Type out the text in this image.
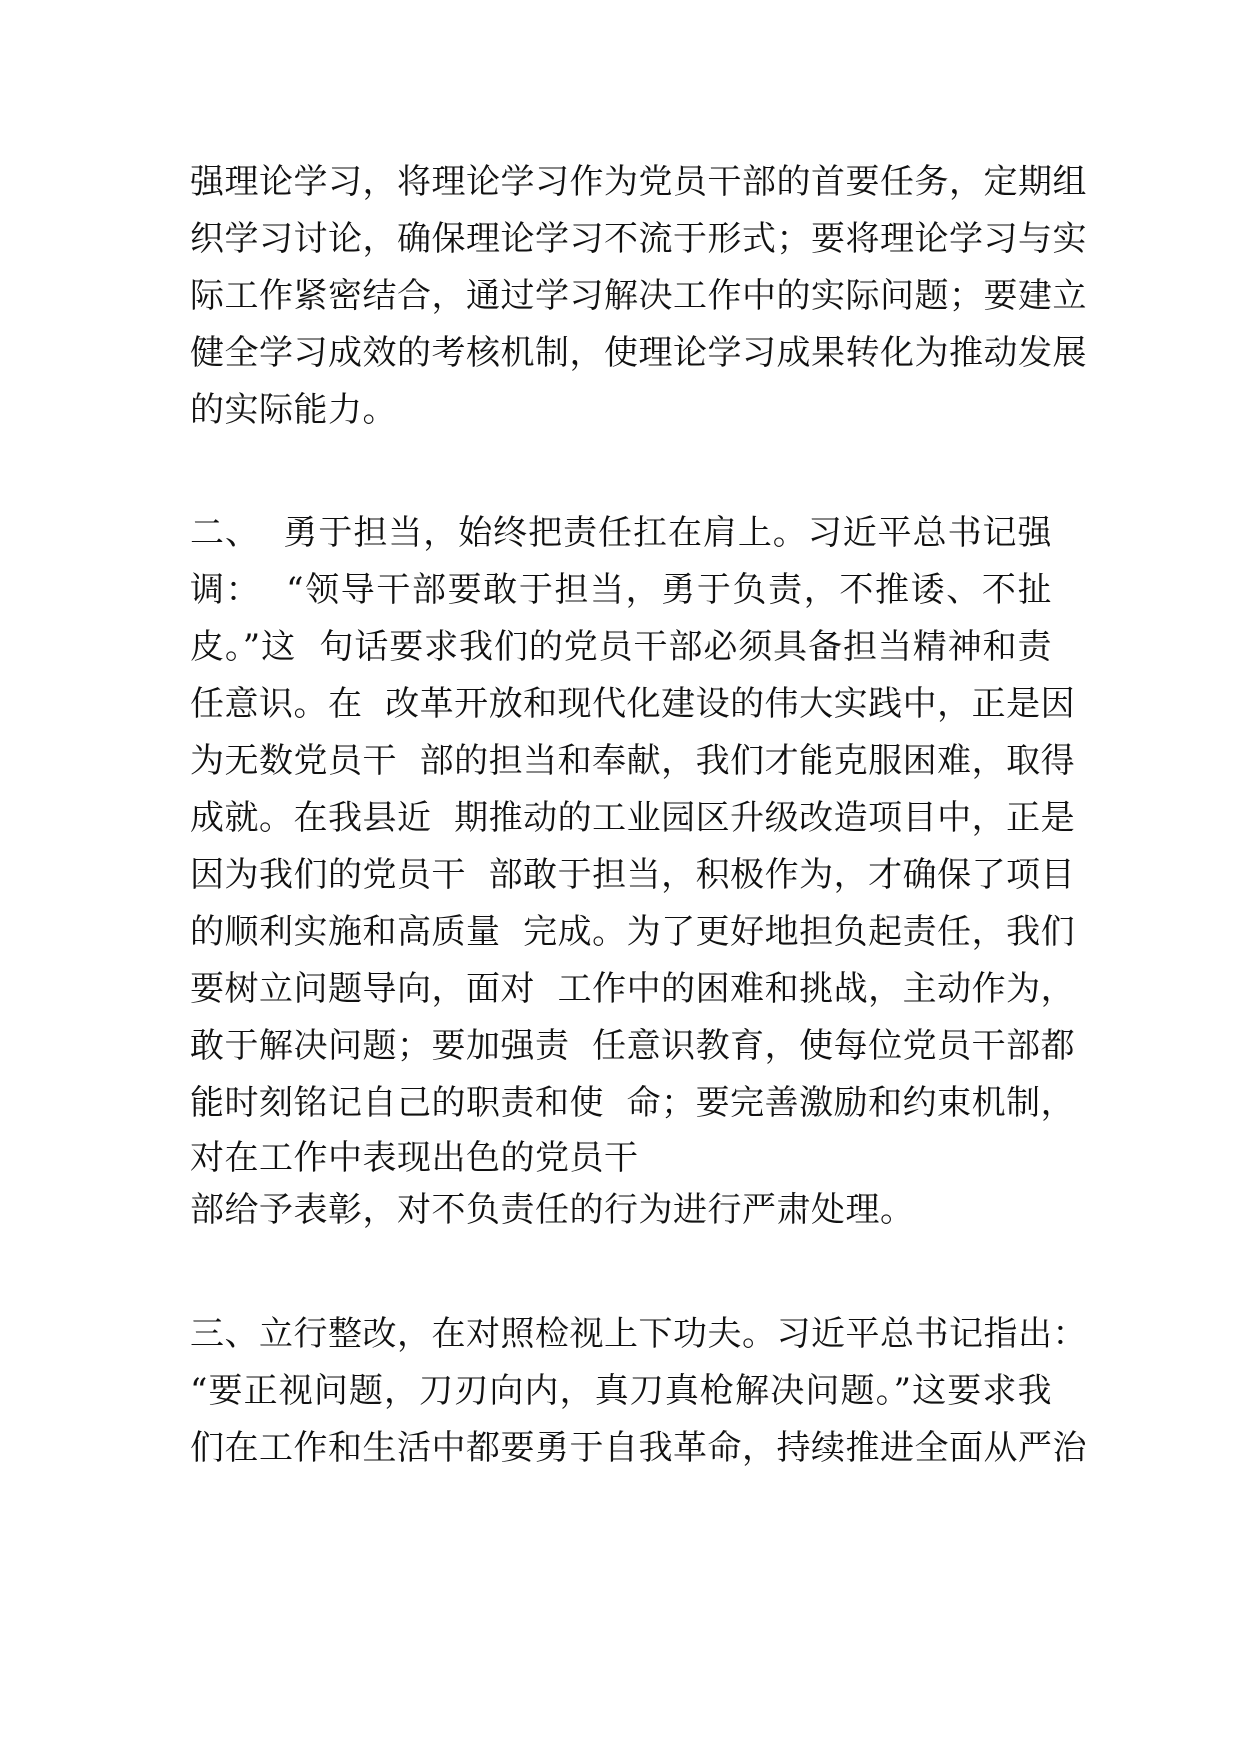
强理论学习，将理论学习作为党员干部的首要任务，定期组
织学习讨论，确保理论学习不流于形式；要将理论学习与实
际工作紧密结合，通过学习解决工作中的实际问题；要建立
健全学习成效的考核机制，使理论学习成果转化为推动发展
的实际能力。
二、  勇于担当，始终把责任扛在肩上。习近平总书记强
调：  “领导干部要敢于担当，勇于负责，不推诿、不扯
皮。”这  句话要求我们的党员干部必须具备担当精神和责
任意识。在  改革开放和现代化建设的伟大实践中，正是因
为无数党员干  部的担当和奉献，我们才能克服困难，取得
成就。在我县近  期推动的工业园区升级改造项目中，正是
因为我们的党员干  部敢于担当，积极作为，才确保了项目
的顺利实施和高质量  完成。为了更好地担负起责任，我们
要树立问题导向，面对  工作中的困难和挑战，主动作为，
敢于解决问题；要加强责  任意识教育，使每位党员干部都
能时刻铭记自己的职责和使  命；要完善激励和约束机制，
对在工作中表现出色的党员干
部给予表彰，对不负责任的行为进行严肃处理。
三、立行整改，在对照检视上下功夫。习近平总书记指出：
“要正视问题，刀刃向内，真刀真枪解决问题。”这要求我
们在工作和生活中都要勇于自我革命，持续推进全面从严治
